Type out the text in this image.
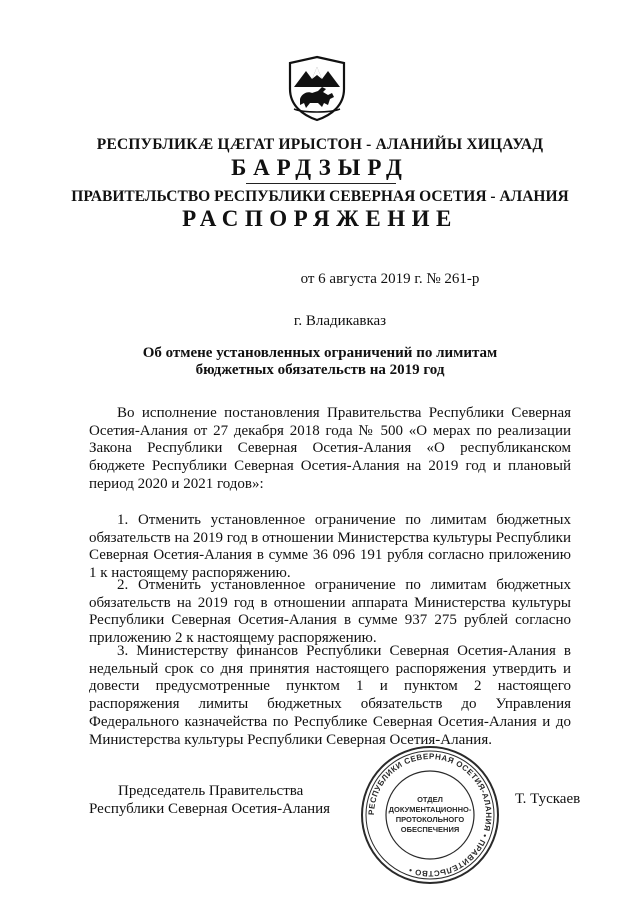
РЕСПУБЛИКӔ ЦӔГАТ ИРЫСТОН - АЛАНИЙЫ ХИЦАУАД
БАРДЗЫРД
ПРАВИТЕЛЬСТВО РЕСПУБЛИКИ СЕВЕРНАЯ ОСЕТИЯ - АЛАНИЯ
РАСПОРЯЖЕНИЕ
от 6 августа 2019 г. № 261-р
г. Владикавказ
Об отмене установленных ограничений по лимитам
бюджетных обязательств на 2019 год

Во исполнение постановления Правительства Республики Северная Осетия-Алания от 27 декабря 2018 года № 500 «О мерах по реализации Закона Республики Северная Осетия-Алания «О республиканском бюджете Республики Северная Осетия-Алания на 2019 год и плановый период 2020 и 2021 годов»:

1. Отменить установленное ограничение по лимитам бюджетных обязательств на 2019 год в отношении Министерства культуры Республики Северная Осетия-Алания в сумме 36 096 191 рубля согласно приложению 1 к настоящему распоряжению.

2. Отменить установленное ограничение по лимитам бюджетных обязательств на 2019 год в отношении аппарата Министерства культуры Республики Северная Осетия-Алания в сумме 937 275 рублей согласно приложению 2 к настоящему распоряжению.

3. Министерству финансов Республики Северная Осетия-Алания в недельный срок со дня принятия настоящего распоряжения утвердить и довести предусмотренные пунктом 1 и пунктом 2 настоящего распоряжения лимиты бюджетных обязательств до Управления Федерального казначейства по Республике Северная Осетия-Алания и до Министерства культуры Республики Северная Осетия-Алания.

Председатель Правительства
Республики Северная Осетия-Алания	РЕСПУБЛИКИ СЕВЕРНАЯ ОСЕТИЯ-АЛАНИЯ • ПРАВИТЕЛЬСТВО •
ОТДЕЛ
ДОКУМЕНТАЦИОННО-
ПРОТОКОЛЬНОГО
ОБЕСПЕЧЕНИЯ
Т. Тускаев
